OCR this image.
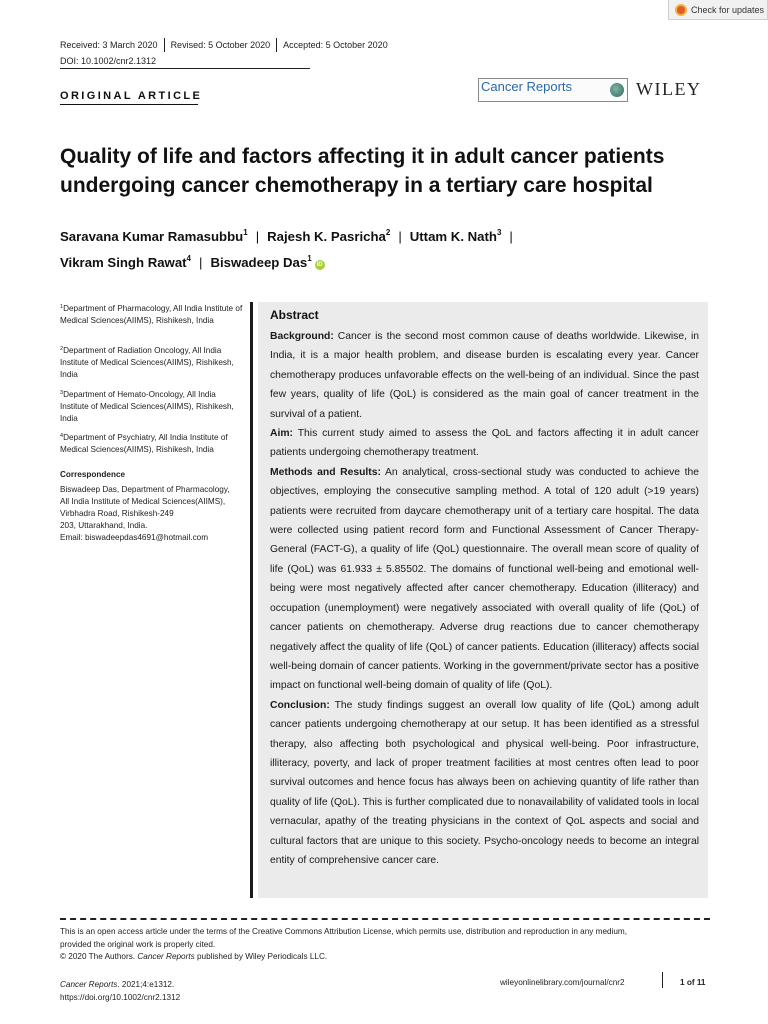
Check for updates
Received: 3 March 2020 Revised: 5 October 2020 Accepted: 5 October 2020
DOI: 10.1002/cnr2.1312
ORIGINAL ARTICLE
Cancer Reports	WILEY
Quality of life and factors affecting it in adult cancer patients undergoing cancer chemotherapy in a tertiary care hospital
Saravana Kumar Ramasubbu$^1$ | Rajesh K. Pasricha$^2$ | Uttam K. Nath$^3$ |
Vikram Singh Rawat$^4$ | Biswadeep Das$^1$iD
$^1$Department of Pharmacology, All India Institute of Medical Sciences(AIIMS), Rishikesh, India
$^2$Department of Radiation Oncology, All India Institute of Medical Sciences(AIIMS), Rishikesh, India
$^3$Department of Hemato-Oncology, All India Institute of Medical Sciences(AIIMS), Rishikesh, India
$^4$Department of Psychiatry, All India Institute of Medical Sciences(AIIMS), Rishikesh, India
Correspondence
Biswadeep Das, Department of Pharmacology,
All India Institute of Medical Sciences(AIIMS),
Virbhadra Road, Rishikesh-249
203, Uttarakhand, India.
Email: biswadeepdas4691@hotmail.com
Abstract

Background: Cancer is the second most common cause of deaths worldwide. Likewise, in India, it is a major health problem, and disease burden is escalating every year. Cancer chemotherapy produces unfavorable effects on the well-being of an individual. Since the past few years, quality of life (QoL) is considered as the main goal of cancer treatment in the survival of a patient.

Aim: This current study aimed to assess the QoL and factors affecting it in adult cancer patients undergoing chemotherapy treatment.

Methods and Results: An analytical, cross-sectional study was conducted to achieve the objectives, employing the consecutive sampling method. A total of 120 adult (>19 years) patients were recruited from daycare chemotherapy unit of a tertiary care hospital. The data were collected using patient record form and Functional Assessment of Cancer Therapy-General (FACT-G), a quality of life (QoL) questionnaire. The overall mean score of quality of life (QoL) was 61.933 ± 5.85502. The domains of functional well-being and emotional well-being were most negatively affected after cancer chemotherapy. Education (illiteracy) and occupation (unemployment) were negatively associated with overall quality of life (QoL) of cancer patients on chemotherapy. Adverse drug reactions due to cancer chemotherapy negatively affect the quality of life (QoL) of cancer patients. Education (illiteracy) affects social well-being domain of cancer patients. Working in the government/private sector has a positive impact on functional well-being domain of quality of life (QoL).

Conclusion: The study findings suggest an overall low quality of life (QoL) among adult cancer patients undergoing chemotherapy at our setup. It has been identified as a stressful therapy, also affecting both psychological and physical well-being. Poor infrastructure, illiteracy, poverty, and lack of proper treatment facilities at most centres often lead to poor survival outcomes and hence focus has always been on achieving quantity of life rather than quality of life (QoL). This is further complicated due to nonavailability of validated tools in local vernacular, apathy of the treating physicians in the context of QoL aspects and social and cultural factors that are unique to this society. Psycho-oncology needs to become an integral entity of comprehensive cancer care.

This is an open access article under the terms of the Creative Commons Attribution License, which permits use, distribution and reproduction in any medium,
provided the original work is properly cited.
© 2020 The Authors. Cancer Reports published by Wiley Periodicals LLC.
Cancer Reports. 2021;4:e1312.
https://doi.org/10.1002/cnr2.1312
wileyonlinelibrary.com/journal/cnr2	1 of 11
